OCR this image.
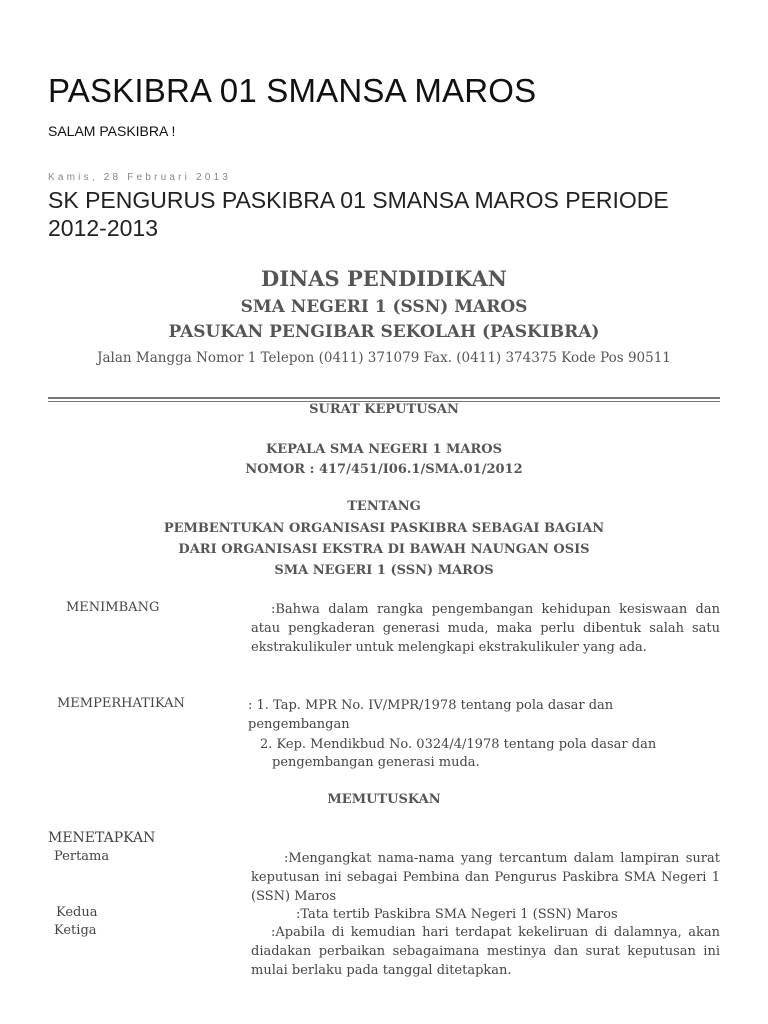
PASKIBRA 01 SMANSA MAROS
SALAM PASKIBRA !
Kamis, 28 Februari 2013
SK PENGURUS PASKIBRA 01 SMANSA MAROS PERIODE 2012-2013
DINAS PENDIDIKAN
SMA NEGERI 1 (SSN) MAROS
PASUKAN PENGIBAR SEKOLAH (PASKIBRA)
Jalan Mangga Nomor 1 Telepon (0411) 371079 Fax. (0411) 374375 Kode Pos 90511
SURAT KEPUTUSAN
KEPALA SMA NEGERI 1 MAROS
NOMOR : 417/451/I06.1/SMA.01/2012
TENTANG
PEMBENTUKAN ORGANISASI PASKIBRA SEBAGAI BAGIAN
DARI ORGANISASI EKSTRA DI BAWAH NAUNGAN OSIS
SMA NEGERI 1 (SSN) MAROS
MENIMBANG	:Bahwa dalam rangka pengembangan kehidupan kesiswaan dan atau pengkaderan generasi muda, maka perlu dibentuk salah satu ekstrakulikuler untuk melengkapi ekstrakulikuler yang ada.
MEMPERHATIKAN	: 1. Tap. MPR No. IV/MPR/1978 tentang pola dasar dan pengembangan
2. Kep. Mendikbud No. 0324/4/1978 tentang pola dasar dan
pengembangan generasi muda.
MEMUTUSKAN
MENETAPKAN
Pertama	:Mengangkat nama-nama yang tercantum dalam lampiran surat keputusan ini sebagai Pembina dan Pengurus Paskibra SMA Negeri 1 (SSN) Maros
Kedua	:Tata tertib Paskibra SMA Negeri 1 (SSN) Maros
Ketiga	:Apabila di kemudian hari terdapat kekeliruan di dalamnya, akan diadakan perbaikan sebagaimana mestinya dan surat keputusan ini mulai berlaku pada tanggal ditetapkan.
